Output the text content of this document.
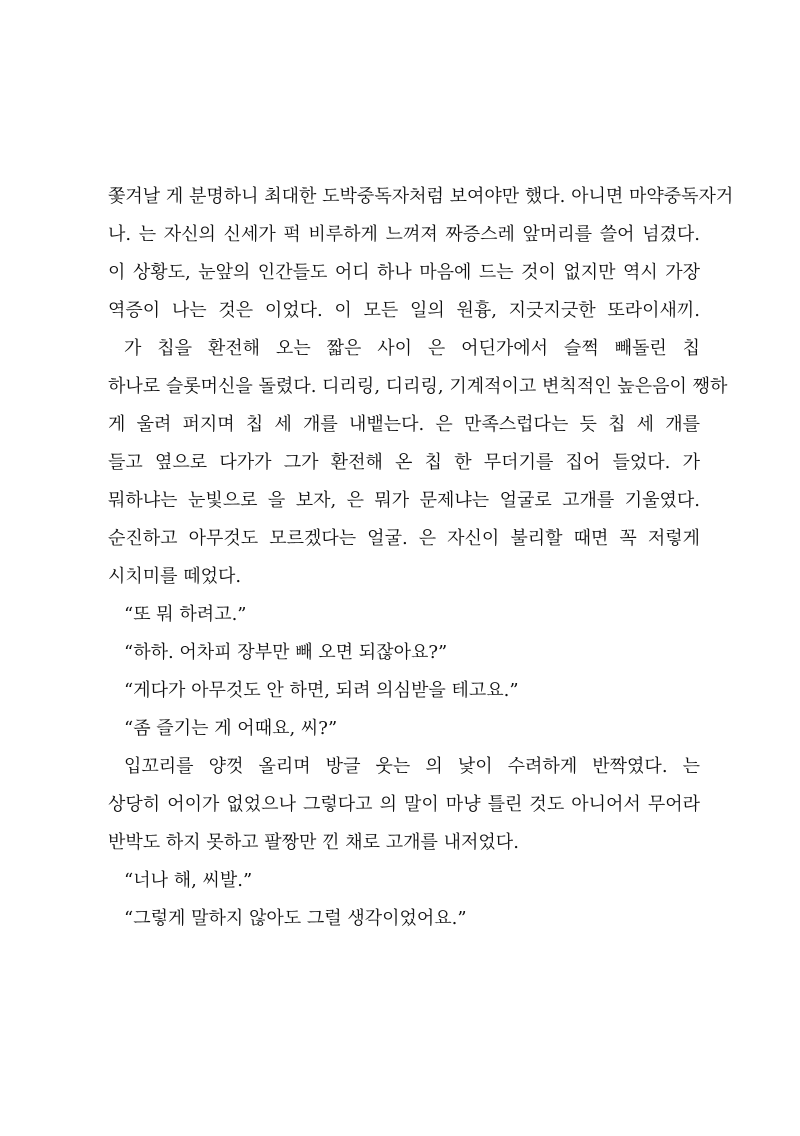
쫓겨날 게 분명하니 최대한 도박중독자처럼 보여야만 했다. 아니면 마약중독자거
나. 는 자신의 신세가 퍽 비루하게 느껴져 짜증스레 앞머리를 쓸어 넘겼다.
이 상황도, 눈앞의 인간들도 어디 하나 마음에 드는 것이 없지만 역시 가장
역증이 나는 것은 이었다. 이 모든 일의 원흉, 지긋지긋한 또라이새끼.
가 칩을 환전해 오는 짧은 사이 은 어딘가에서 슬쩍 빼돌린 칩
하나로 슬롯머신을 돌렸다. 디리링, 디리링, 기계적이고 변칙적인 높은음이 쨍하
게 울려 퍼지며 칩 세 개를 내뱉는다. 은 만족스럽다는 듯 칩 세 개를
들고 옆으로 다가가 그가 환전해 온 칩 한 무더기를 집어 들었다. 가
뭐하냐는 눈빛으로 을 보자, 은 뭐가 문제냐는 얼굴로 고개를 기울였다.
순진하고 아무것도 모르겠다는 얼굴. 은 자신이 불리할 때면 꼭 저렇게
시치미를 떼었다.
“또 뭐 하려고.”
“하하. 어차피 장부만 빼 오면 되잖아요?”
“게다가 아무것도 안 하면, 되려 의심받을 테고요.”
“좀 즐기는 게 어때요, 씨?”
입꼬리를 양껏 올리며 방글 웃는 의 낯이 수려하게 반짝였다. 는
상당히 어이가 없었으나 그렇다고 의 말이 마냥 틀린 것도 아니어서 무어라
반박도 하지 못하고 팔짱만 낀 채로 고개를 내저었다.
“너나 해, 씨발.”
“그렇게 말하지 않아도 그럴 생각이었어요.”
